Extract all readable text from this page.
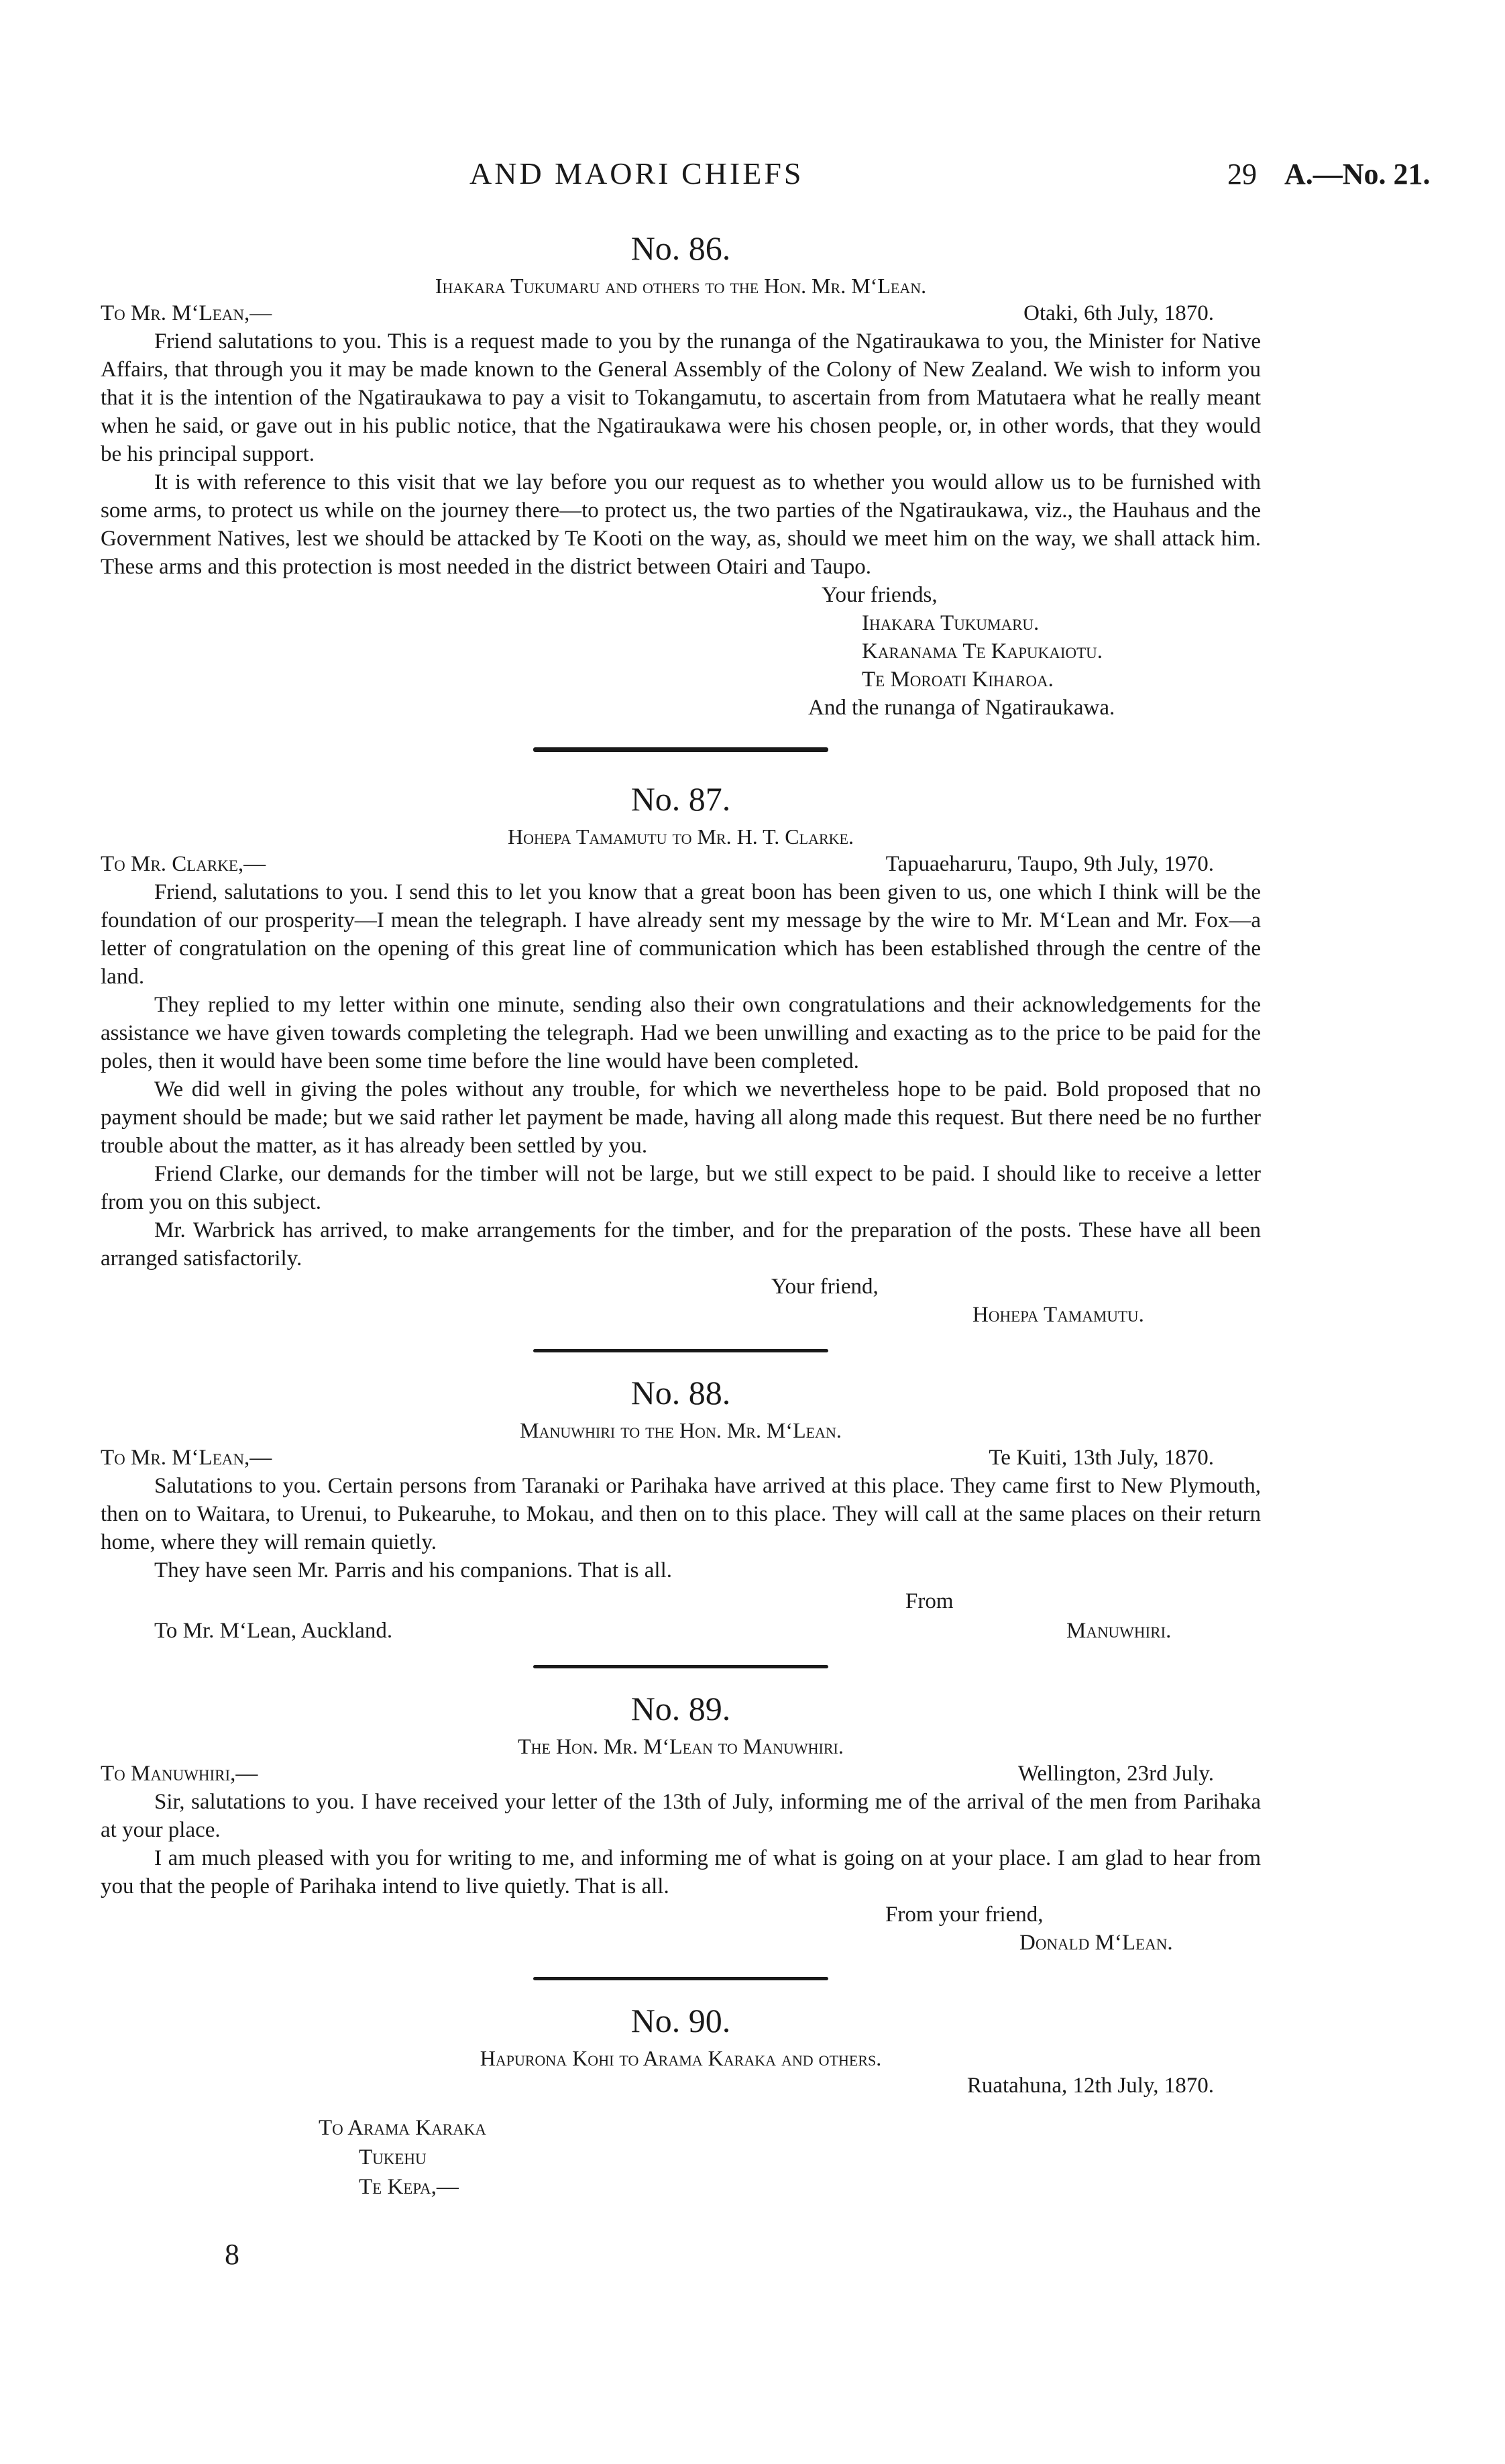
AND MAORI CHIEFS	29 A.—No. 21.
No. 86.
Ihakara Tukumaru and others to the Hon. Mr. M‘Lean.
To Mr. M‘Lean,—	Otaki, 6th July, 1870.

Friend salutations to you. This is a request made to you by the runanga of the Ngatiraukawa to you, the Minister for Native Affairs, that through you it may be made known to the General Assembly of the Colony of New Zealand. We wish to inform you that it is the intention of the Ngatiraukawa to pay a visit to Tokangamutu, to ascertain from from Matutaera what he really meant when he said, or gave out in his public notice, that the Ngatiraukawa were his chosen people, or, in other words, that they would be his principal support.

It is with reference to this visit that we lay before you our request as to whether you would allow us to be furnished with some arms, to protect us while on the journey there—to protect us, the two parties of the Ngatiraukawa, viz., the Hauhaus and the Government Natives, lest we should be attacked by Te Kooti on the way, as, should we meet him on the way, we shall attack him. These arms and this protection is most needed in the district between Otairi and Taupo.

Your friends,
Ihakara Tukumaru.
Karanama Te Kapukaiotu.
Te Moroati Kiharoa.
And the runanga of Ngatiraukawa.
No. 87.
Hohepa Tamamutu to Mr. H. T. Clarke.
To Mr. Clarke,—	Tapuaeharuru, Taupo, 9th July, 1970.

Friend, salutations to you. I send this to let you know that a great boon has been given to us, one which I think will be the foundation of our prosperity—I mean the telegraph. I have already sent my message by the wire to Mr. M‘Lean and Mr. Fox—a letter of congratulation on the opening of this great line of communication which has been established through the centre of the land.

They replied to my letter within one minute, sending also their own congratulations and their acknowledgements for the assistance we have given towards completing the telegraph. Had we been unwilling and exacting as to the price to be paid for the poles, then it would have been some time before the line would have been completed.

We did well in giving the poles without any trouble, for which we nevertheless hope to be paid. Bold proposed that no payment should be made; but we said rather let payment be made, having all along made this request. But there need be no further trouble about the matter, as it has already been settled by you.

Friend Clarke, our demands for the timber will not be large, but we still expect to be paid. I should like to receive a letter from you on this subject.

Mr. Warbrick has arrived, to make arrangements for the timber, and for the preparation of the posts. These have all been arranged satisfactorily.

Your friend,
Hohepa Tamamutu.
No. 88.
Manuwhiri to the Hon. Mr. M‘Lean.
To Mr. M‘Lean,—	Te Kuiti, 13th July, 1870.

Salutations to you. Certain persons from Taranaki or Parihaka have arrived at this place. They came first to New Plymouth, then on to Waitara, to Urenui, to Pukearuhe, to Mokau, and then on to this place. They will call at the same places on their return home, where they will remain quietly.

They have seen Mr. Parris and his companions. That is all.

From
To Mr. M‘Lean, Auckland.	Manuwhiri.
No. 89.
The Hon. Mr. M‘Lean to Manuwhiri.
To Manuwhiri,—	Wellington, 23rd July.

Sir, salutations to you. I have received your letter of the 13th of July, informing me of the arrival of the men from Parihaka at your place.

I am much pleased with you for writing to me, and informing me of what is going on at your place. I am glad to hear from you that the people of Parihaka intend to live quietly. That is all.

From your friend,
Donald M‘Lean.
No. 90.
Hapurona Kohi to Arama Karaka and others.
Ruatahuna, 12th July, 1870.
To Arama Karaka
Tukehu
Te Kepa,—
8
